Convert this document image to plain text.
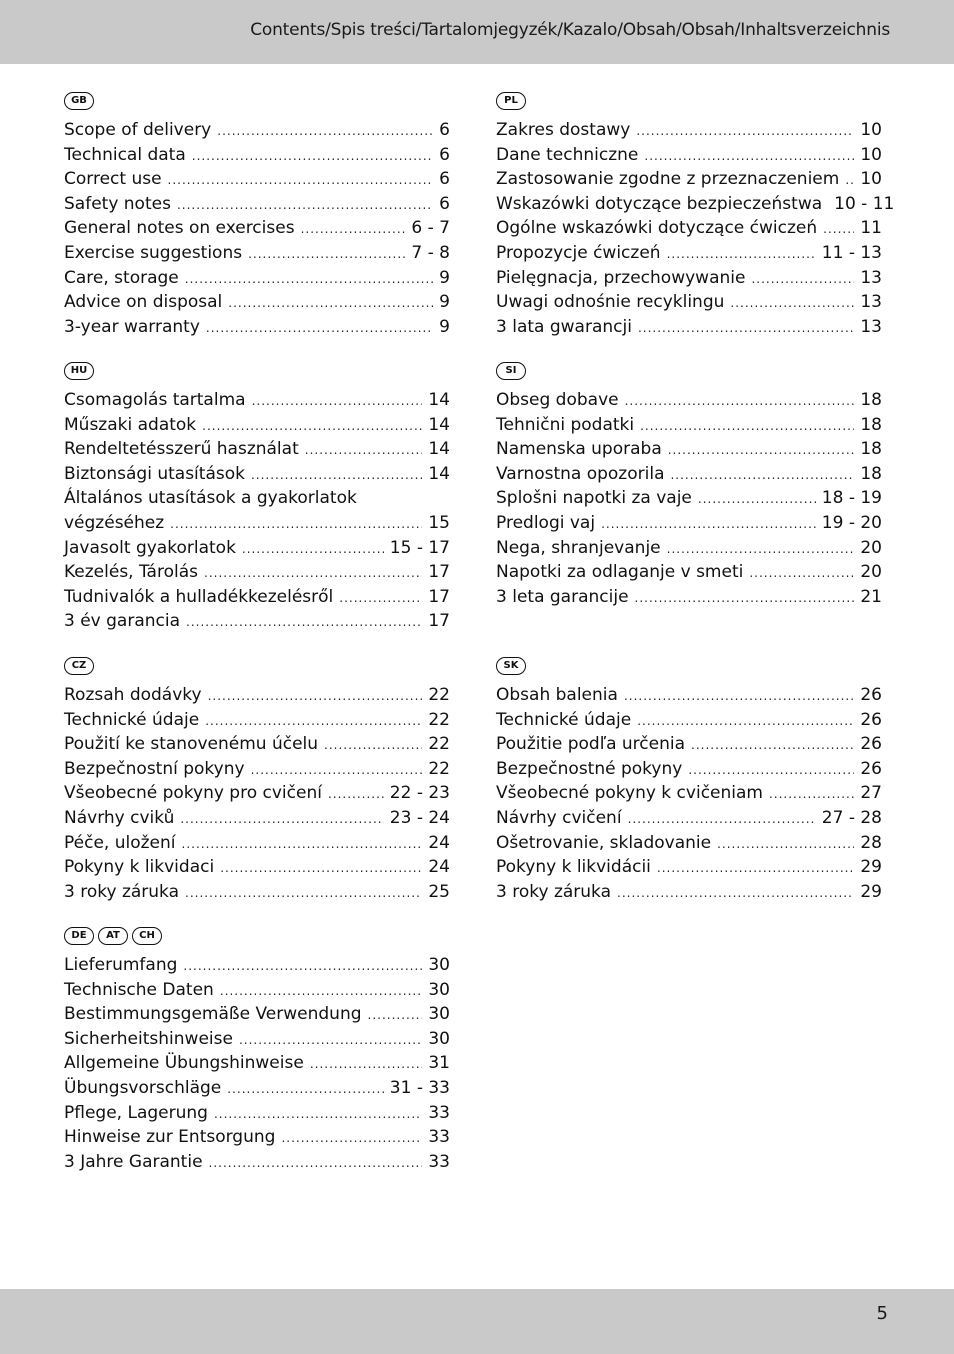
Contents/Spis treści/Tartalomjegyzék/Kazalo/Obsah/Obsah/Inhaltsverzeichnis
GB
Scope of delivery .....	6
Technical data .....	6
Correct use .....	6
Safety notes .....	6
General notes on exercises .....	6 - 7
Exercise suggestions .....	7 - 8
Care, storage .....	9
Advice on disposal .....	9
3-year warranty .....	9
PL
Zakres dostawy .....	10
Dane techniczne .....	10
Zastosowanie zgodne z przeznaczeniem ..... 10
Wskazówki dotyczące bezpieczeństwa 10 - 11
Ogólne wskazówki dotyczące ćwiczeń .....	11
Propozycje ćwiczeń .....	11 - 13
Pielęgnacja, przechowywanie .....	13
Uwagi odnośnie recyklingu .....	13
3 lata gwarancji .....	13
HU
Csomagolás tartalma .....	14
Műszaki adatok .....	14
Rendeltetésszerű használat .....	14
Biztonsági utasítások .....	14
Általános utasítások a gyakorlatok
végzéséhez .....	15
Javasolt gyakorlatok .....	15 - 17
Kezelés, Tárolás .....	17
Tudnivalók a hulladékkezelésről .....	17
3 év garancia .....	17
SI
Obseg dobave .....	18
Tehnični podatki .....	18
Namenska uporaba .....	18
Varnostna opozorila .....	18
Splošni napotki za vaje .....	18 - 19
Predlogi vaj .....	19 - 20
Nega, shranjevanje .....	20
Napotki za odlaganje v smeti .....	20
3 leta garancije .....	21
CZ
Rozsah dodávky .....	22
Technické údaje .....	22
Použití ke stanovenému účelu .....	22
Bezpečnostní pokyny .....	22
Všeobecné pokyny pro cvičení .....	22 - 23
Návrhy cviků .....	23 - 24
Péče, uložení .....	24
Pokyny k likvidaci .....	24
3 roky záruka .....	25
SK
Obsah balenia .....	26
Technické údaje .....	26
Použitie podľa určenia .....	26
Bezpečnostné pokyny .....	26
Všeobecné pokyny k cvičeniam .....	27
Návrhy cvičení .....	27 - 28
Ošetrovanie, skladovanie .....	28
Pokyny k likvidácii .....	29
3 roky záruka .....	29
DE	AT	CH
Lieferumfang .....	30
Technische Daten .....	30
Bestimmungsgemäße Verwendung .....	30
Sicherheitshinweise .....	30
Allgemeine Übungshinweise .....	31
Übungsvorschläge .....	31 - 33
Pflege, Lagerung .....	33
Hinweise zur Entsorgung .....	33
3 Jahre Garantie .....	33
5
